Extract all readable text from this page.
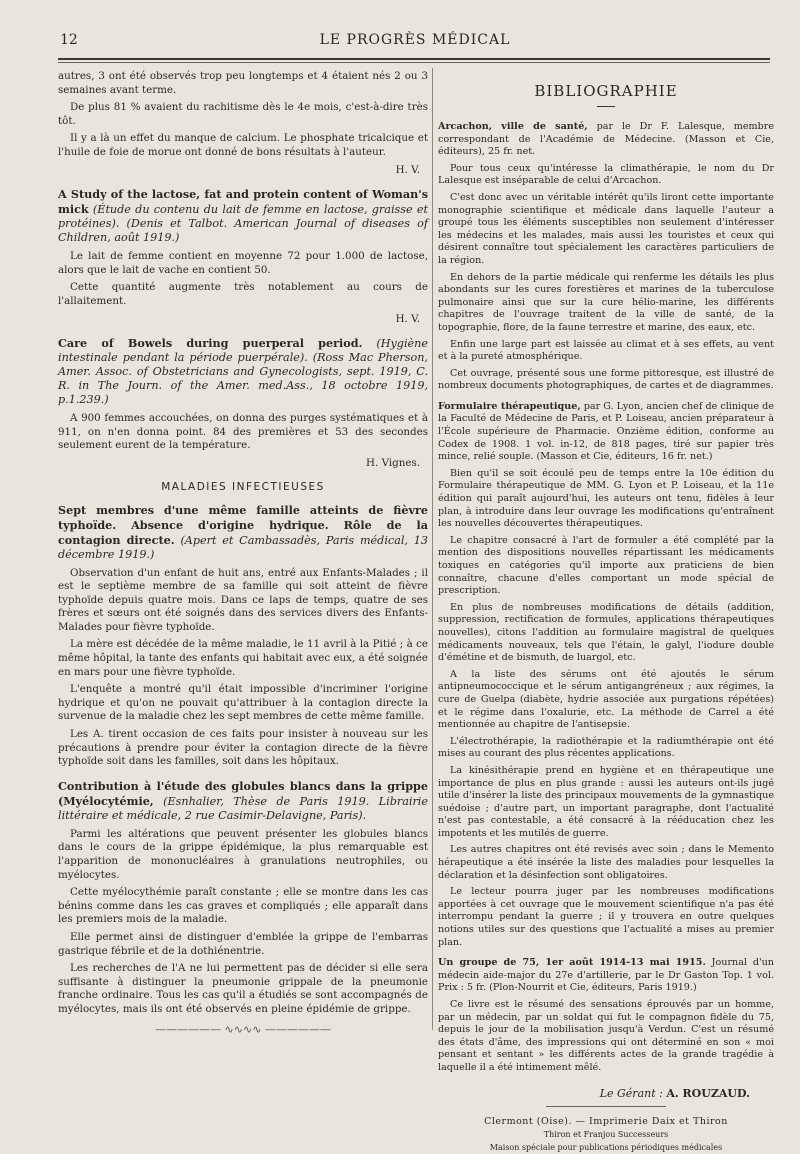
12	LE PROGRÈS MÉDICAL

autres, 3 ont été observés trop peu longtemps et 4 étaient nés 2 ou 3 semaines avant terme.

De plus 81 % avaient du rachitisme dès le 4e mois, c'est-à-dire très tôt.

Il y a là un effet du manque de calcium. Le phosphate tricalcique et l'huile de foie de morue ont donné de bons résultats à l'auteur.

H. V.
A Study of the lactose, fat and protein content of Woman's mick (Étude du contenu du lait de femme en lactose, graisse et protéines). (Denis et Talbot. American Journal of diseases of Children, août 1919.)

Le lait de femme contient en moyenne 72 pour 1.000 de lactose, alors que le lait de vache en contient 50.

Cette quantité augmente très notablement au cours de l'allaitement.

H. V.
Care of Bowels during puerperal period. (Hygiène intestinale pendant la période puerpérale). (Ross Mac Pherson, Amer. Assoc. of Obstetricians and Gynecologists, sept. 1919, C. R. in The Journ. of the Amer. med.Ass., 18 octobre 1919, p.1.239.)

A 900 femmes accouchées, on donna des purges systématiques et à 911, on n'en donna point. 84 des premières et 53 des secondes seulement eurent de la température.

H. Vignes.
MALADIES INFECTIEUSES
Sept membres d'une même famille atteints de fièvre typhoïde. Absence d'origine hydrique. Rôle de la contagion directe. (Apert et Cambassadès, Paris médical, 13 décembre 1919.)

Observation d'un enfant de huit ans, entré aux Enfants-Malades ; il est le septième membre de sa famille qui soit atteint de fièvre typhoïde depuis quatre mois. Dans ce laps de temps, quatre de ses frères et sœurs ont été soignés dans des services divers des Enfants-Malades pour fièvre typhoïde.

La mère est décédée de la même maladie, le 11 avril à la Pitié ; à ce même hôpital, la tante des enfants qui habitait avec eux, a été soignée en mars pour une fièvre typhoïde.

L'enquête a montré qu'il était impossible d'incriminer l'origine hydrique et qu'on ne pouvait qu'attribuer à la contagion directe la survenue de la maladie chez les sept membres de cette même famille.

Les A. tirent occasion de ces faits pour insister à nouveau sur les précautions à prendre pour éviter la contagion directe de la fièvre typhoïde soit dans les familles, soit dans les hôpitaux.

Contribution à l'étude des globules blancs dans la grippe (Myélocytémie, (Esnhalier, Thèse de Paris 1919. Librairie littéraire et médicale, 2 rue Casimir-Delavigne, Paris).

Parmi les altérations que peuvent présenter les globules blancs dans le cours de la grippe épidémique, la plus remarquable est l'apparition de mononucléaires à granulations neutrophiles, ou myélocytes.

Cette myélocythémie paraît constante ; elle se montre dans les cas bénins comme dans les cas graves et compliqués ; elle apparaît dans les premiers mois de la maladie.

Elle permet ainsi de distinguer d'emblée la grippe de l'embarras gastrique fébrile et de la dothiénentrie.

Les recherches de l'A ne lui permettent pas de décider si elle sera suffisante à distinguer la pneumonie grippale de la pneumonie franche ordinaire. Tous les cas qu'il a étudiés se sont accompagnés de myélocytes, mais ils ont été observés en pleine épidémie de grippe.

—————— ∿∿∿∿ ——————
BIBLIOGRAPHIE

Arcachon, ville de santé, par le Dr F. Lalesque, membre correspondant de l'Académie de Médecine. (Masson et Cie, éditeurs), 25 fr. net.

Pour tous ceux qu'intéresse la climathérapie, le nom du Dr Lalesque est inséparable de celui d'Arcachon.

C'est donc avec un véritable intérêt qu'ils liront cette importante monographie scientifique et médicale dans laquelle l'auteur a groupé tous les éléments susceptibles non seulement d'intéresser les médecins et les malades, mais aussi les touristes et ceux qui désirent connaître tout spécialement les caractères particuliers de la région.

En dehors de la partie médicale qui renferme les détails les plus abondants sur les cures forestières et marines de la tuberculose pulmonaire ainsi que sur la cure hélio-marine, les différents chapitres de l'ouvrage traitent de la ville de santé, de la topographie, flore, de la faune terrestre et marine, des eaux, etc.

Enfin une large part est laissée au climat et à ses effets, au vent et à la pureté atmosphérique.

Cet ouvrage, présenté sous une forme pittoresque, est illustré de nombreux documents photographiques, de cartes et de diagrammes.

Formulaire thérapeutique, par G. Lyon, ancien chef de clinique de la Faculté de Médecine de Paris, et P. Loiseau, ancien préparateur à l'École supérieure de Pharmacie. Onzième édition, conforme au Codex de 1908. 1 vol. in-12, de 818 pages, tiré sur papier très mince, relié souple. (Masson et Cie, éditeurs, 16 fr. net.)

Bien qu'il se soit écoulé peu de temps entre la 10e édition du Formulaire thérapeutique de MM. G. Lyon et P. Loiseau, et la 11e édition qui paraît aujourd'hui, les auteurs ont tenu, fidèles à leur plan, à introduire dans leur ouvrage les modifications qu'entraînent les nouvelles découvertes thérapeutiques.

Le chapitre consacré à l'art de formuler a été complété par la mention des dispositions nouvelles répartissant les médicaments toxiques en catégories qu'il importe aux praticiens de bien connaître, chacune d'elles comportant un mode spécial de prescription.

En plus de nombreuses modifications de détails (addition, suppression, rectification de formules, applications thérapeutiques nouvelles), citons l'addition au formulaire magistral de quelques médicaments nouveaux, tels que l'étain, le galyl, l'iodure double d'émétine et de bismuth, de luargol, etc.

A la liste des sérums ont été ajoutés le sérum antipneumococcique et le sérum antigangréneux ; aux régimes, la cure de Guelpa (diabète, hydrie associée aux purgations répétées) et le régime dans l'oxalurie, etc. La méthode de Carrel a été mentionnée au chapitre de l'antisepsie.

L'électrothérapie, la radiothérapie et la radiumthérapie ont été mises au courant des plus récentes applications.

La kinésithérapie prend en hygiène et en thérapeutique une importance de plus en plus grande : aussi les auteurs ont-ils jugé utile d'insérer la liste des principaux mouvements de la gymnastique suédoise ; d'autre part, un important paragraphe, dont l'actualité n'est pas contestable, a été consacré à la rééducation chez les impotents et les mutilés de guerre.

Les autres chapitres ont été revisés avec soin ; dans le Memento hérapeutique a été insérée la liste des maladies pour lesquelles la déclaration et la désinfection sont obligatoires.

Le lecteur pourra juger par les nombreuses modifications apportées à cet ouvrage que le mouvement scientifique n'a pas été interrompu pendant la guerre ; il y trouvera en outre quelques notions utiles sur des questions que l'actualité a mises au premier plan.

Un groupe de 75, 1er août 1914-13 mai 1915. Journal d'un médecin aide-major du 27e d'artillerie, par le Dr Gaston Top. 1 vol. Prix : 5 fr. (Plon-Nourrit et Cie, éditeurs, Paris 1919.)

Ce livre est le résumé des sensations éprouvés par un homme, par un médecin, par un soldat qui fut le compagnon fidèle du 75, depuis le jour de la mobilisation jusqu'à Verdun. C'est un résumé des états d'âme, des impressions qui ont déterminé en son « moi pensant et sentant » les différents actes de la grande tragédie à laquelle il a été intimement mêlé.

Le Gérant : A. ROUZAUD.

Clermont (Oise). — Imprimerie Daix et Thiron

Thiron et Franjou Successeurs

Maison spéciale pour publications périodiques médicales
